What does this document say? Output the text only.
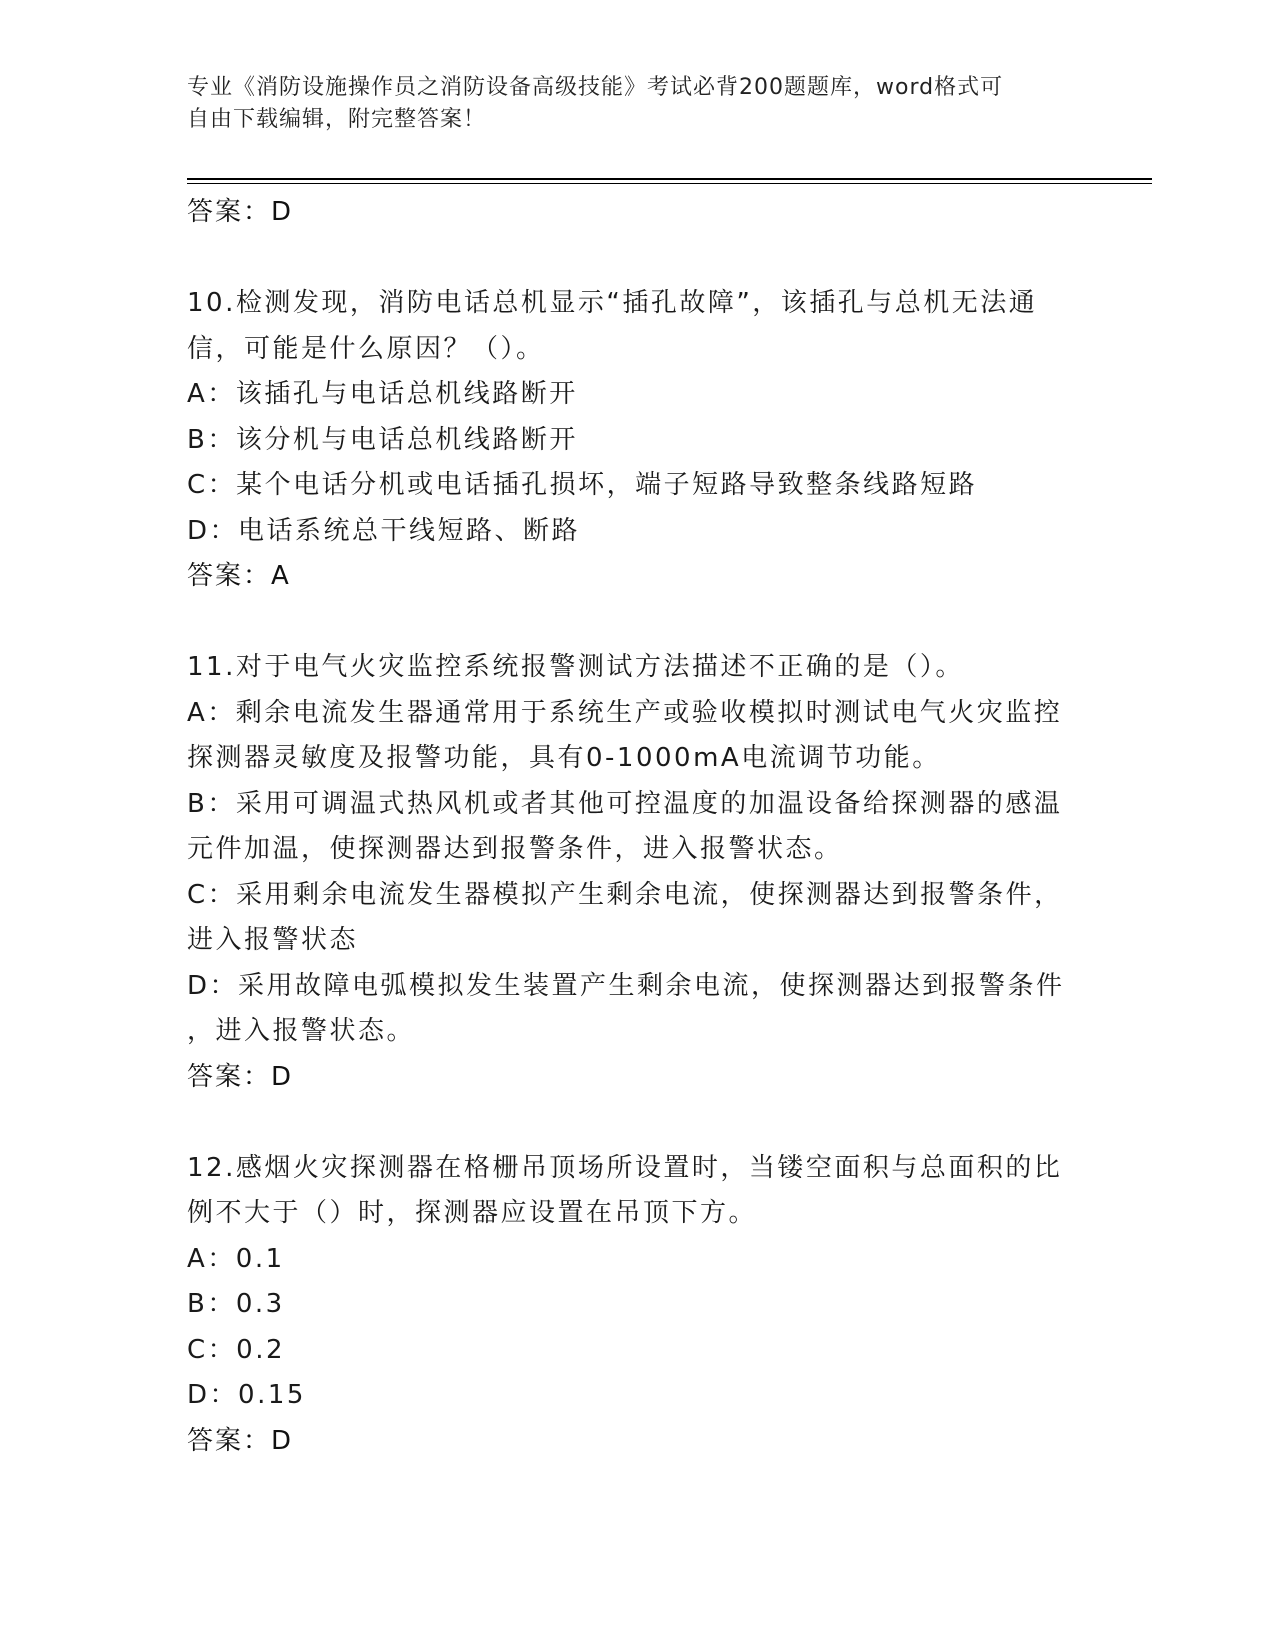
专业《消防设施操作员之消防设备高级技能》考试必背200题题库，word格式可
自由下载编辑，附完整答案！
答案：D
10.检测发现，消防电话总机显示“插孔故障”，该插孔与总机无法通
信，可能是什么原因？（）。
A：该插孔与电话总机线路断开
B：该分机与电话总机线路断开
C：某个电话分机或电话插孔损坏，端子短路导致整条线路短路
D：电话系统总干线短路、断路
答案：A
11.对于电气火灾监控系统报警测试方法描述不正确的是（）。
A：剩余电流发生器通常用于系统生产或验收模拟时测试电气火灾监控
探测器灵敏度及报警功能，具有0-1000mA电流调节功能。
B：采用可调温式热风机或者其他可控温度的加温设备给探测器的感温
元件加温，使探测器达到报警条件，进入报警状态。
C：采用剩余电流发生器模拟产生剩余电流，使探测器达到报警条件，
进入报警状态
D：采用故障电弧模拟发生装置产生剩余电流，使探测器达到报警条件
，进入报警状态。
答案：D
12.感烟火灾探测器在格栅吊顶场所设置时，当镂空面积与总面积的比
例不大于（）时，探测器应设置在吊顶下方。
A：0.1
B：0.3
C：0.2
D：0.15
答案：D
